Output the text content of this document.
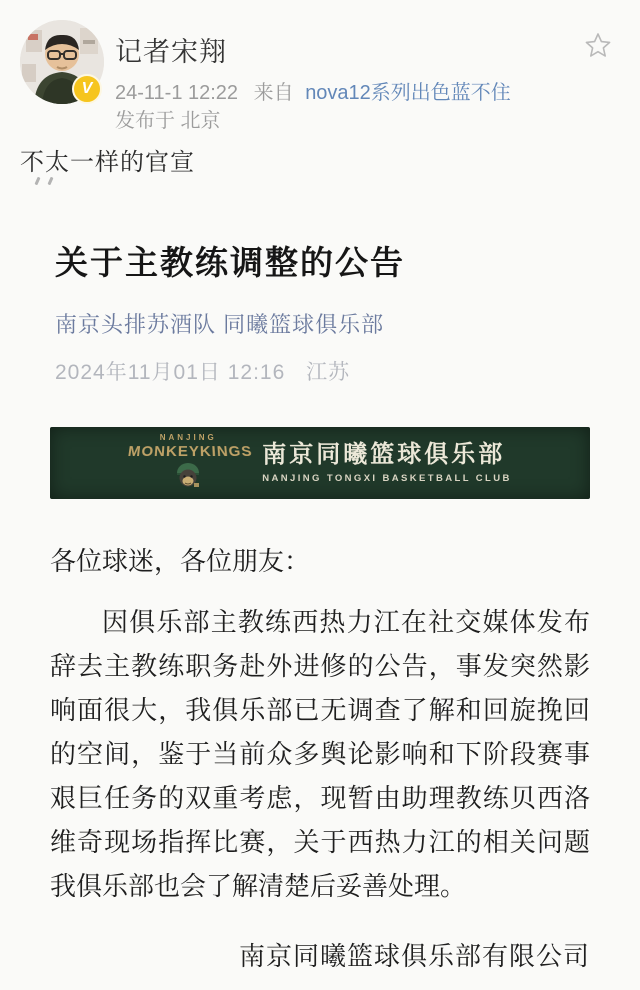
V
记者宋翔
24-11-1 12:22 来自 nova12系列出色蓝不住
发布于 北京
不太一样的官宣
关于主教练调整的公告
南京头排苏酒队 同曦篮球俱乐部
2024年11月01日 12:16 江苏
NANJING
MONKEYKINGS 南京同曦篮球俱乐部
NANJING TONGXI BASKETBALL CLUB
各位球迷，各位朋友：

因俱乐部主教练西热力江在社交媒体发布辞去主教练职务赴外进修的公告，事发突然影响面很大，我俱乐部已无调查了解和回旋挽回的空间，鉴于当前众多舆论影响和下阶段赛事艰巨任务的双重考虑，现暂由助理教练贝西洛维奇现场指挥比赛，关于西热力江的相关问题我俱乐部也会了解清楚后妥善处理。

南京同曦篮球俱乐部有限公司
